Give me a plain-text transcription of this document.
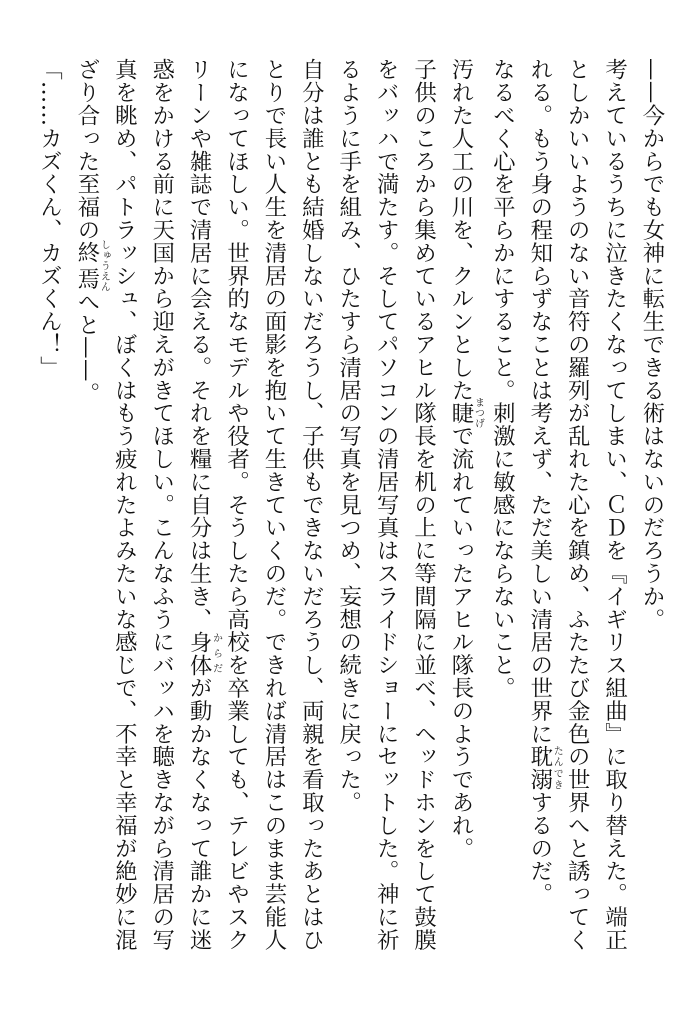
——今からでも女神に転生できる術はないのだろうか。

考えているうちに泣きたくなってしまい、ＣＤを『イギリス組曲』に取り替えた。端正としかいいようのない音符の羅列が乱れた心を鎮め、ふたたび金色の世界へと誘ってくれる。もう身の程知らずなことは考えず、ただ美しい清居の世界に耽溺たんできするのだ。

なるべく心を平らかにすること。刺激に敏感にならないこと。

汚れた人工の川を、クルンとした睫まつげで流れていったアヒル隊長のようであれ。

子供のころから集めているアヒル隊長を机の上に等間隔に並べ、ヘッドホンをして鼓膜をバッハで満たす。そしてパソコンの清居写真はスライドショーにセットした。神に祈るように手を組み、ひたすら清居の写真を見つめ、妄想の続きに戻った。

自分は誰とも結婚しないだろうし、子供もできないだろうし、両親を看取ったあとはひとりで長い人生を清居の面影を抱いて生きていくのだ。できれば清居はこのまま芸能人になってほしい。世界的なモデルや役者。そうしたら高校を卒業しても、テレビやスクリーンや雑誌で清居に会える。それを糧に自分は生き、身体からだが動かなくなって誰かに迷惑をかける前に天国から迎えがきてほしい。こんなふうにバッハを聴きながら清居の写真を眺め、パトラッシュ、ぼくはもう疲れたよみたいな感じで、不幸と幸福が絶妙に混ざり合った至福の終焉しゅうえんへと——。

「……カズくん、カズくん！」
